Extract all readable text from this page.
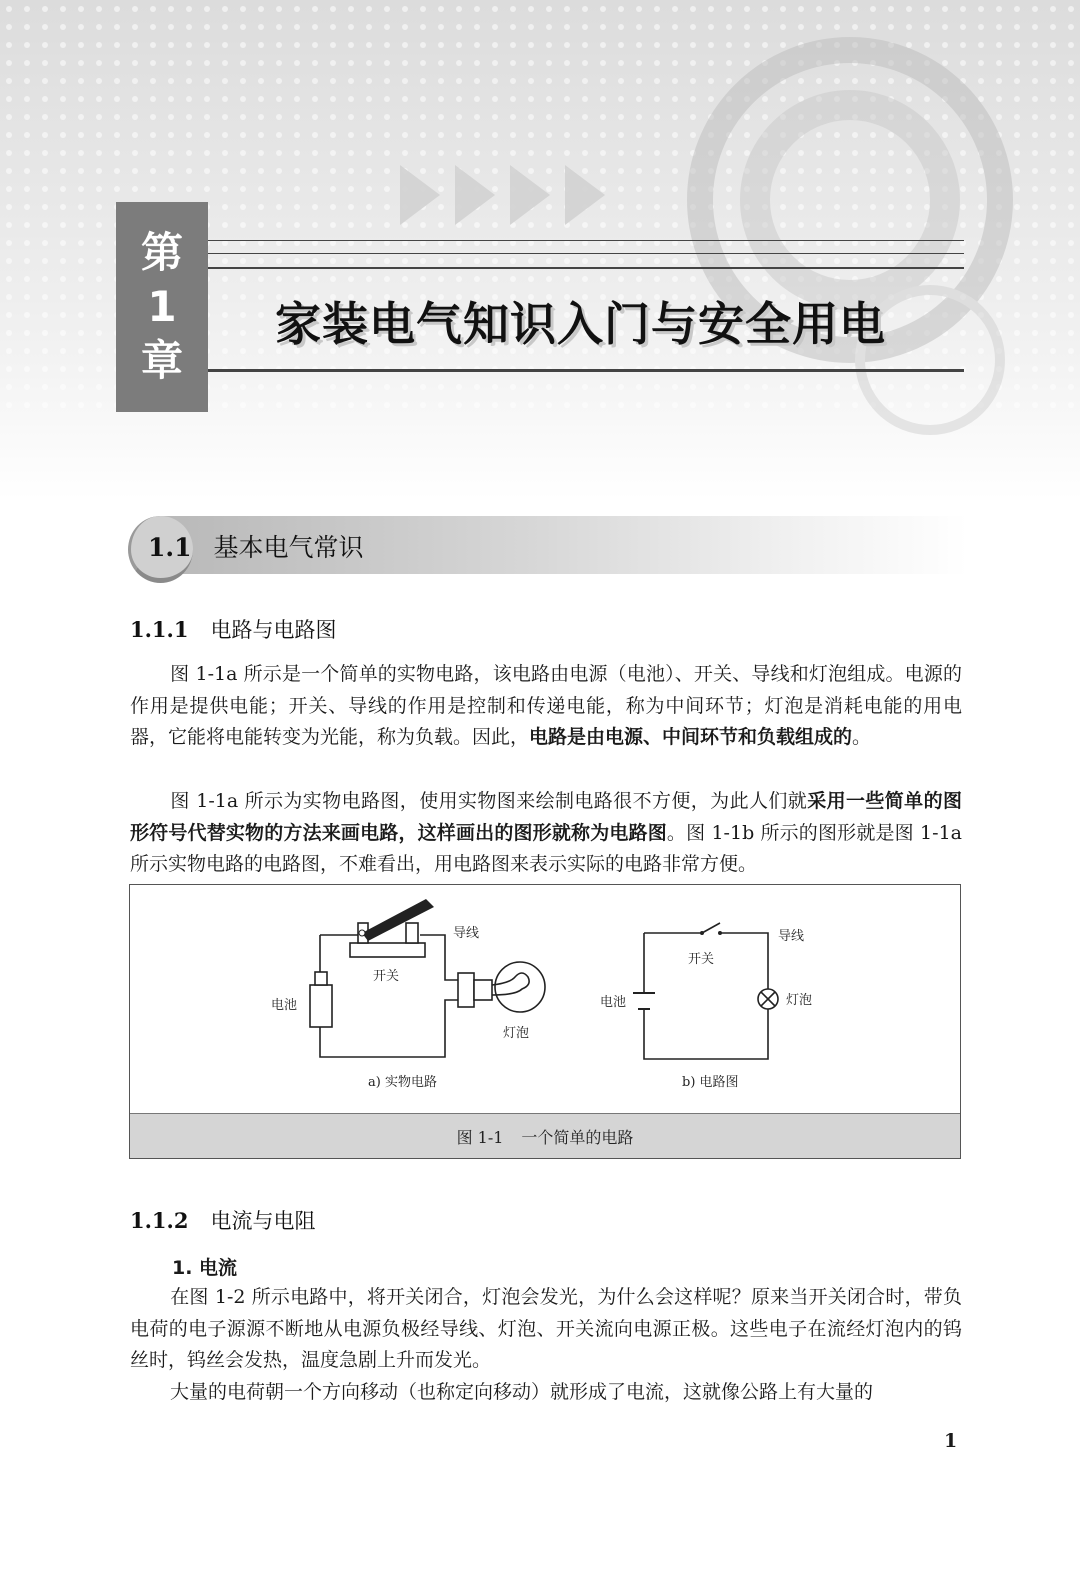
第
1
章
家装电气知识入门与安全用电
1.1 基本电气常识
1.1.1 电路与电路图
图 1-1a 所示是一个简单的实物电路，该电路由电源（电池）、开关、导线和灯泡组成。电源的作用是提供电能；开关、导线的作用是控制和传递电能，称为中间环节；灯泡是消耗电能的用电器，它能将电能转变为光能，称为负载。因此，电路是由电源、中间环节和负载组成的。
图 1-1a 所示为实物电路图，使用实物图来绘制电路很不方便，为此人们就采用一些简单的图形符号代替实物的方法来画电路，这样画出的图形就称为电路图。图 1-1b 所示的图形就是图 1-1a 所示实物电路的电路图，不难看出，用电路图来表示实际的电路非常方便。
导线
开关
电池
灯泡
a) 实物电路
开关
导线
电池	灯泡
b) 电路图
图 1-1 一个简单的电路
1.1.2 电流与电阻
1. 电流
在图 1-2 所示电路中，将开关闭合，灯泡会发光，为什么会这样呢？原来当开关闭合时，带负电荷的电子源源不断地从电源负极经导线、灯泡、开关流向电源正极。这些电子在流经灯泡内的钨丝时，钨丝会发热，温度急剧上升而发光。
大量的电荷朝一个方向移动（也称定向移动）就形成了电流，这就像公路上有大量的
1
